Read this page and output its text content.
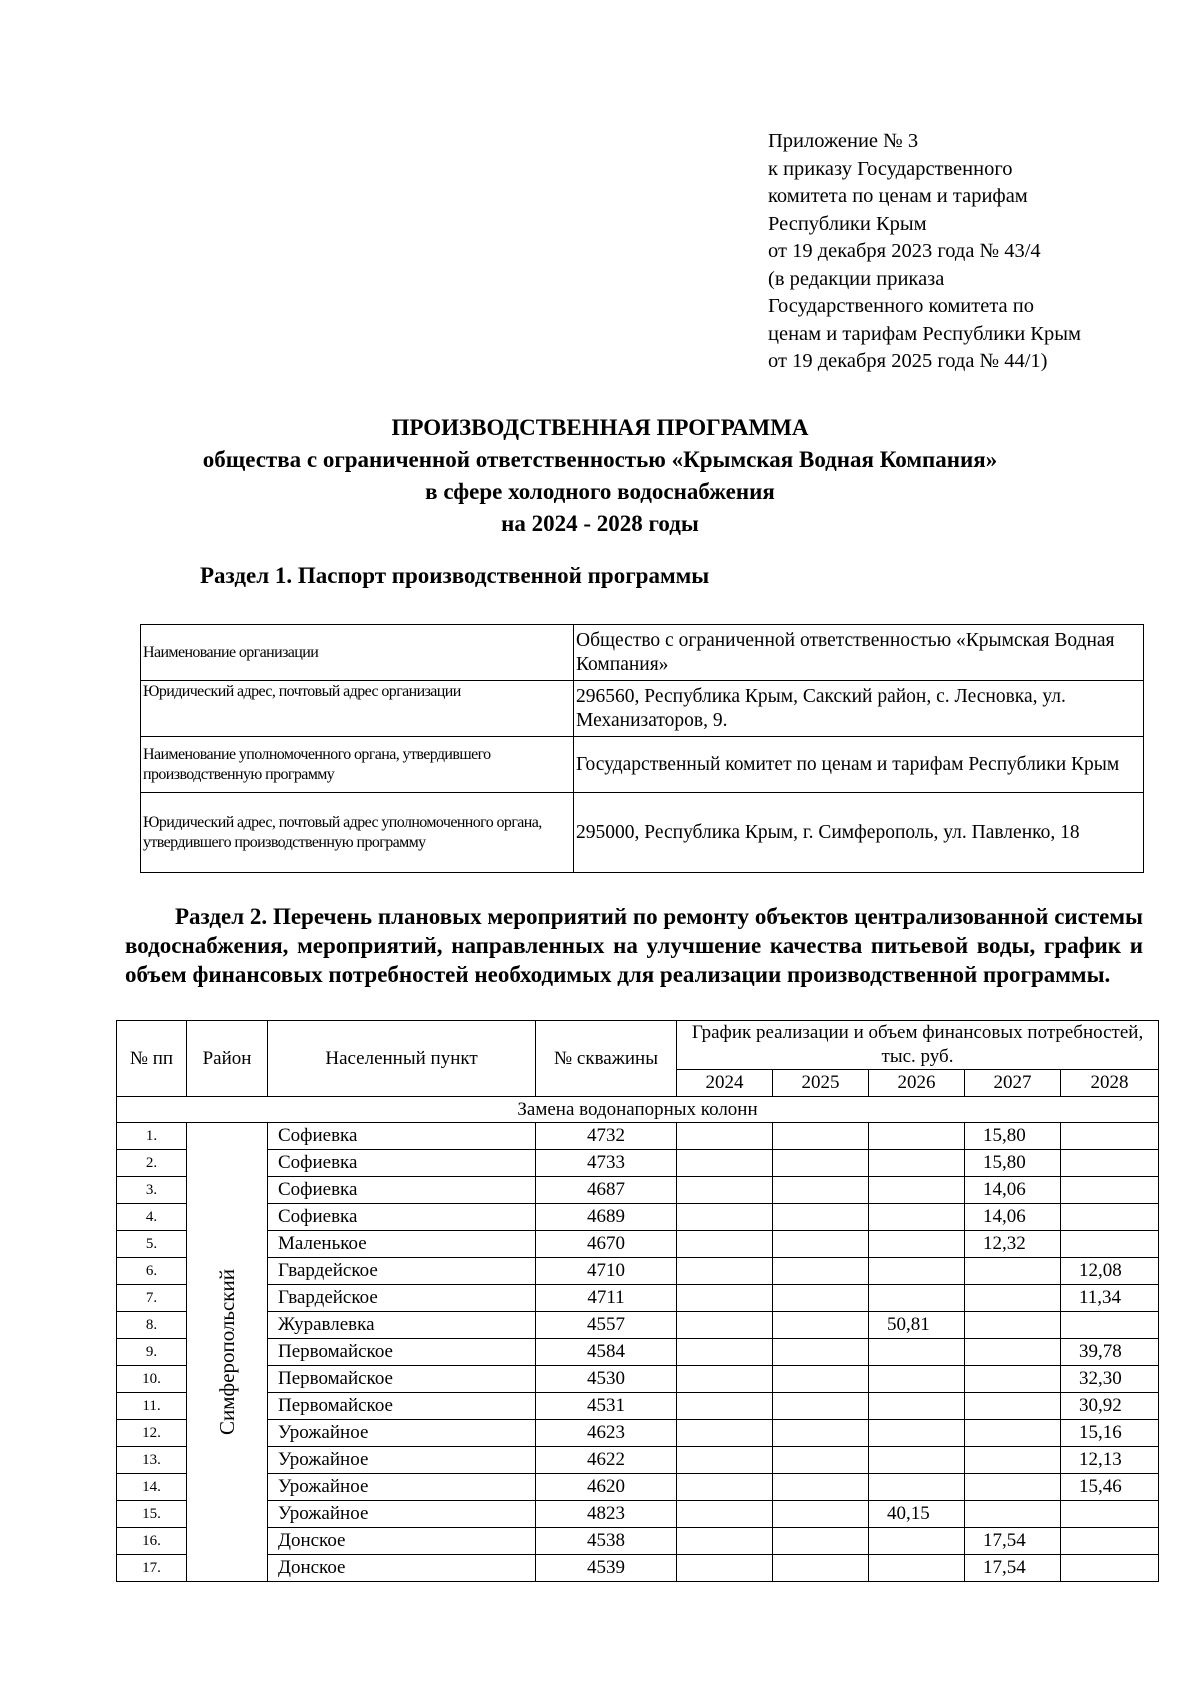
Приложение № 3
к приказу Государственного
комитета по ценам и тарифам
Республики Крым
от 19 декабря 2023 года № 43/4
(в редакции приказа
Государственного комитета по
ценам и тарифам Республики Крым
от 19 декабря 2025 года № 44/1)
ПРОИЗВОДСТВЕННАЯ ПРОГРАММА
общества с ограниченной ответственностью «Крымская Водная Компания»
в сфере холодного водоснабжения
на 2024 - 2028 годы
Раздел 1. Паспорт производственной программы
Наименование организации	Общество с ограниченной ответственностью «Крымская Водная Компания»
Юридический адрес, почтовый адрес организации	296560, Республика Крым, Сакский район, с. Лесновка, ул. Механизаторов, 9.
Наименование уполномоченного органа, утвердившего производственную программу	Государственный комитет по ценам и тарифам Республики Крым
Юридический адрес, почтовый адрес уполномоченного органа, утвердившего производственную программу	295000, Республика Крым, г. Симферополь, ул. Павленко, 18
Раздел 2. Перечень плановых мероприятий по ремонту объектов централизованной системы водоснабжения, мероприятий, направленных на улучшение качества питьевой воды, график и объем финансовых потребностей необходимых для реализации производственной программы.
№ пп	Район	Населенный пункт	№ скважины	График реализации и объем финансовых потребностей, тыс. руб.				
				2024	2025	2026	2027	2028
Замена водонапорных колонн								
1.	Симферопольский	Софиевка	4732				15,80	
2.		Софиевка	4733				15,80	
3.		Софиевка	4687				14,06	
4.		Софиевка	4689				14,06	
5.		Маленькое	4670				12,32	
6.		Гвардейское	4710					12,08
7.		Гвардейское	4711					11,34
8.		Журавлевка	4557			50,81		
9.		Первомайское	4584					39,78
10.		Первомайское	4530					32,30
11.		Первомайское	4531					30,92
12.		Урожайное	4623					15,16
13.		Урожайное	4622					12,13
14.		Урожайное	4620					15,46
15.		Урожайное	4823			40,15		
16.		Донское	4538				17,54	
17.		Донское	4539				17,54	
